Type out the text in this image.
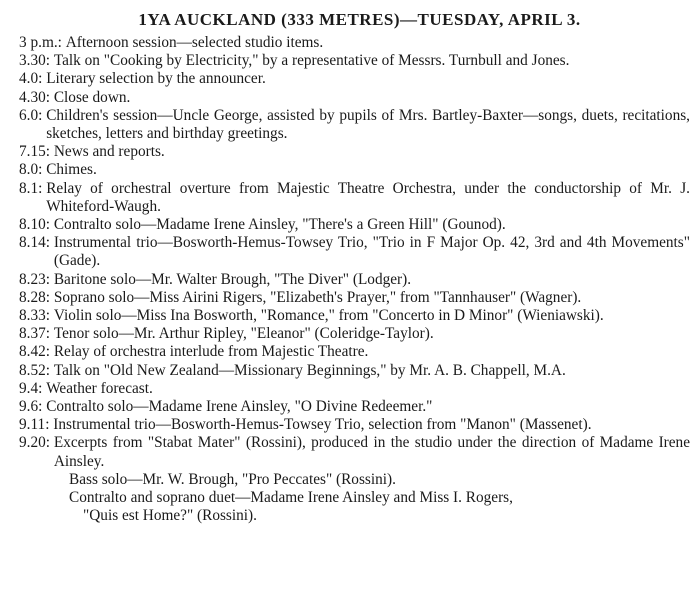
1YA AUCKLAND (333 METRES)—TUESDAY, APRIL 3.
3 p.m. : Afternoon session—selected studio items.
3.30 : Talk on "Cooking by Electricity," by a representative of Messrs. Turnbull and Jones.
4.0 : Literary selection by the announcer.
4.30 : Close down.
6.0 : Children's session—Uncle George, assisted by pupils of Mrs. Bartley-Baxter—songs, duets, recitations, sketches, letters and birthday greetings.
7.15 : News and reports.
8.0 : Chimes.
8.1 : Relay of orchestral overture from Majestic Theatre Orchestra, under the conductorship of Mr. J. Whiteford-Waugh.
8.10 : Contralto solo—Madame Irene Ainsley, "There's a Green Hill" (Gounod).
8.14 : Instrumental trio—Bosworth-Hemus-Towsey Trio, "Trio in F Major Op. 42, 3rd and 4th Movements" (Gade).
8.23 : Baritone solo—Mr. Walter Brough, "The Diver" (Lodger).
8.28 : Soprano solo—Miss Airini Rigers, "Elizabeth's Prayer," from "Tannhauser" (Wagner).
8.33 : Violin solo—Miss Ina Bosworth, "Romance," from "Concerto in D Minor" (Wieniawski).
8.37 : Tenor solo—Mr. Arthur Ripley, "Eleanor" (Coleridge-Taylor).
8.42 : Relay of orchestra interlude from Majestic Theatre.
8.52 : Talk on "Old New Zealand—Missionary Beginnings," by Mr. A. B. Chappell, M.A.
9.4 : Weather forecast.
9.6 : Contralto solo—Madame Irene Ainsley, "O Divine Redeemer."
9.11 : Instrumental trio—Bosworth-Hemus-Towsey Trio, selection from "Manon" (Massenet).
9.20 : Excerpts from "Stabat Mater" (Rossini), produced in the studio under the direction of Madame Irene Ainsley.
Bass solo—Mr. W. Brough, "Pro Peccates" (Rossini).
Contralto and soprano duet—Madame Irene Ainsley and Miss I. Rogers,
"Quis est Home?" (Rossini).
